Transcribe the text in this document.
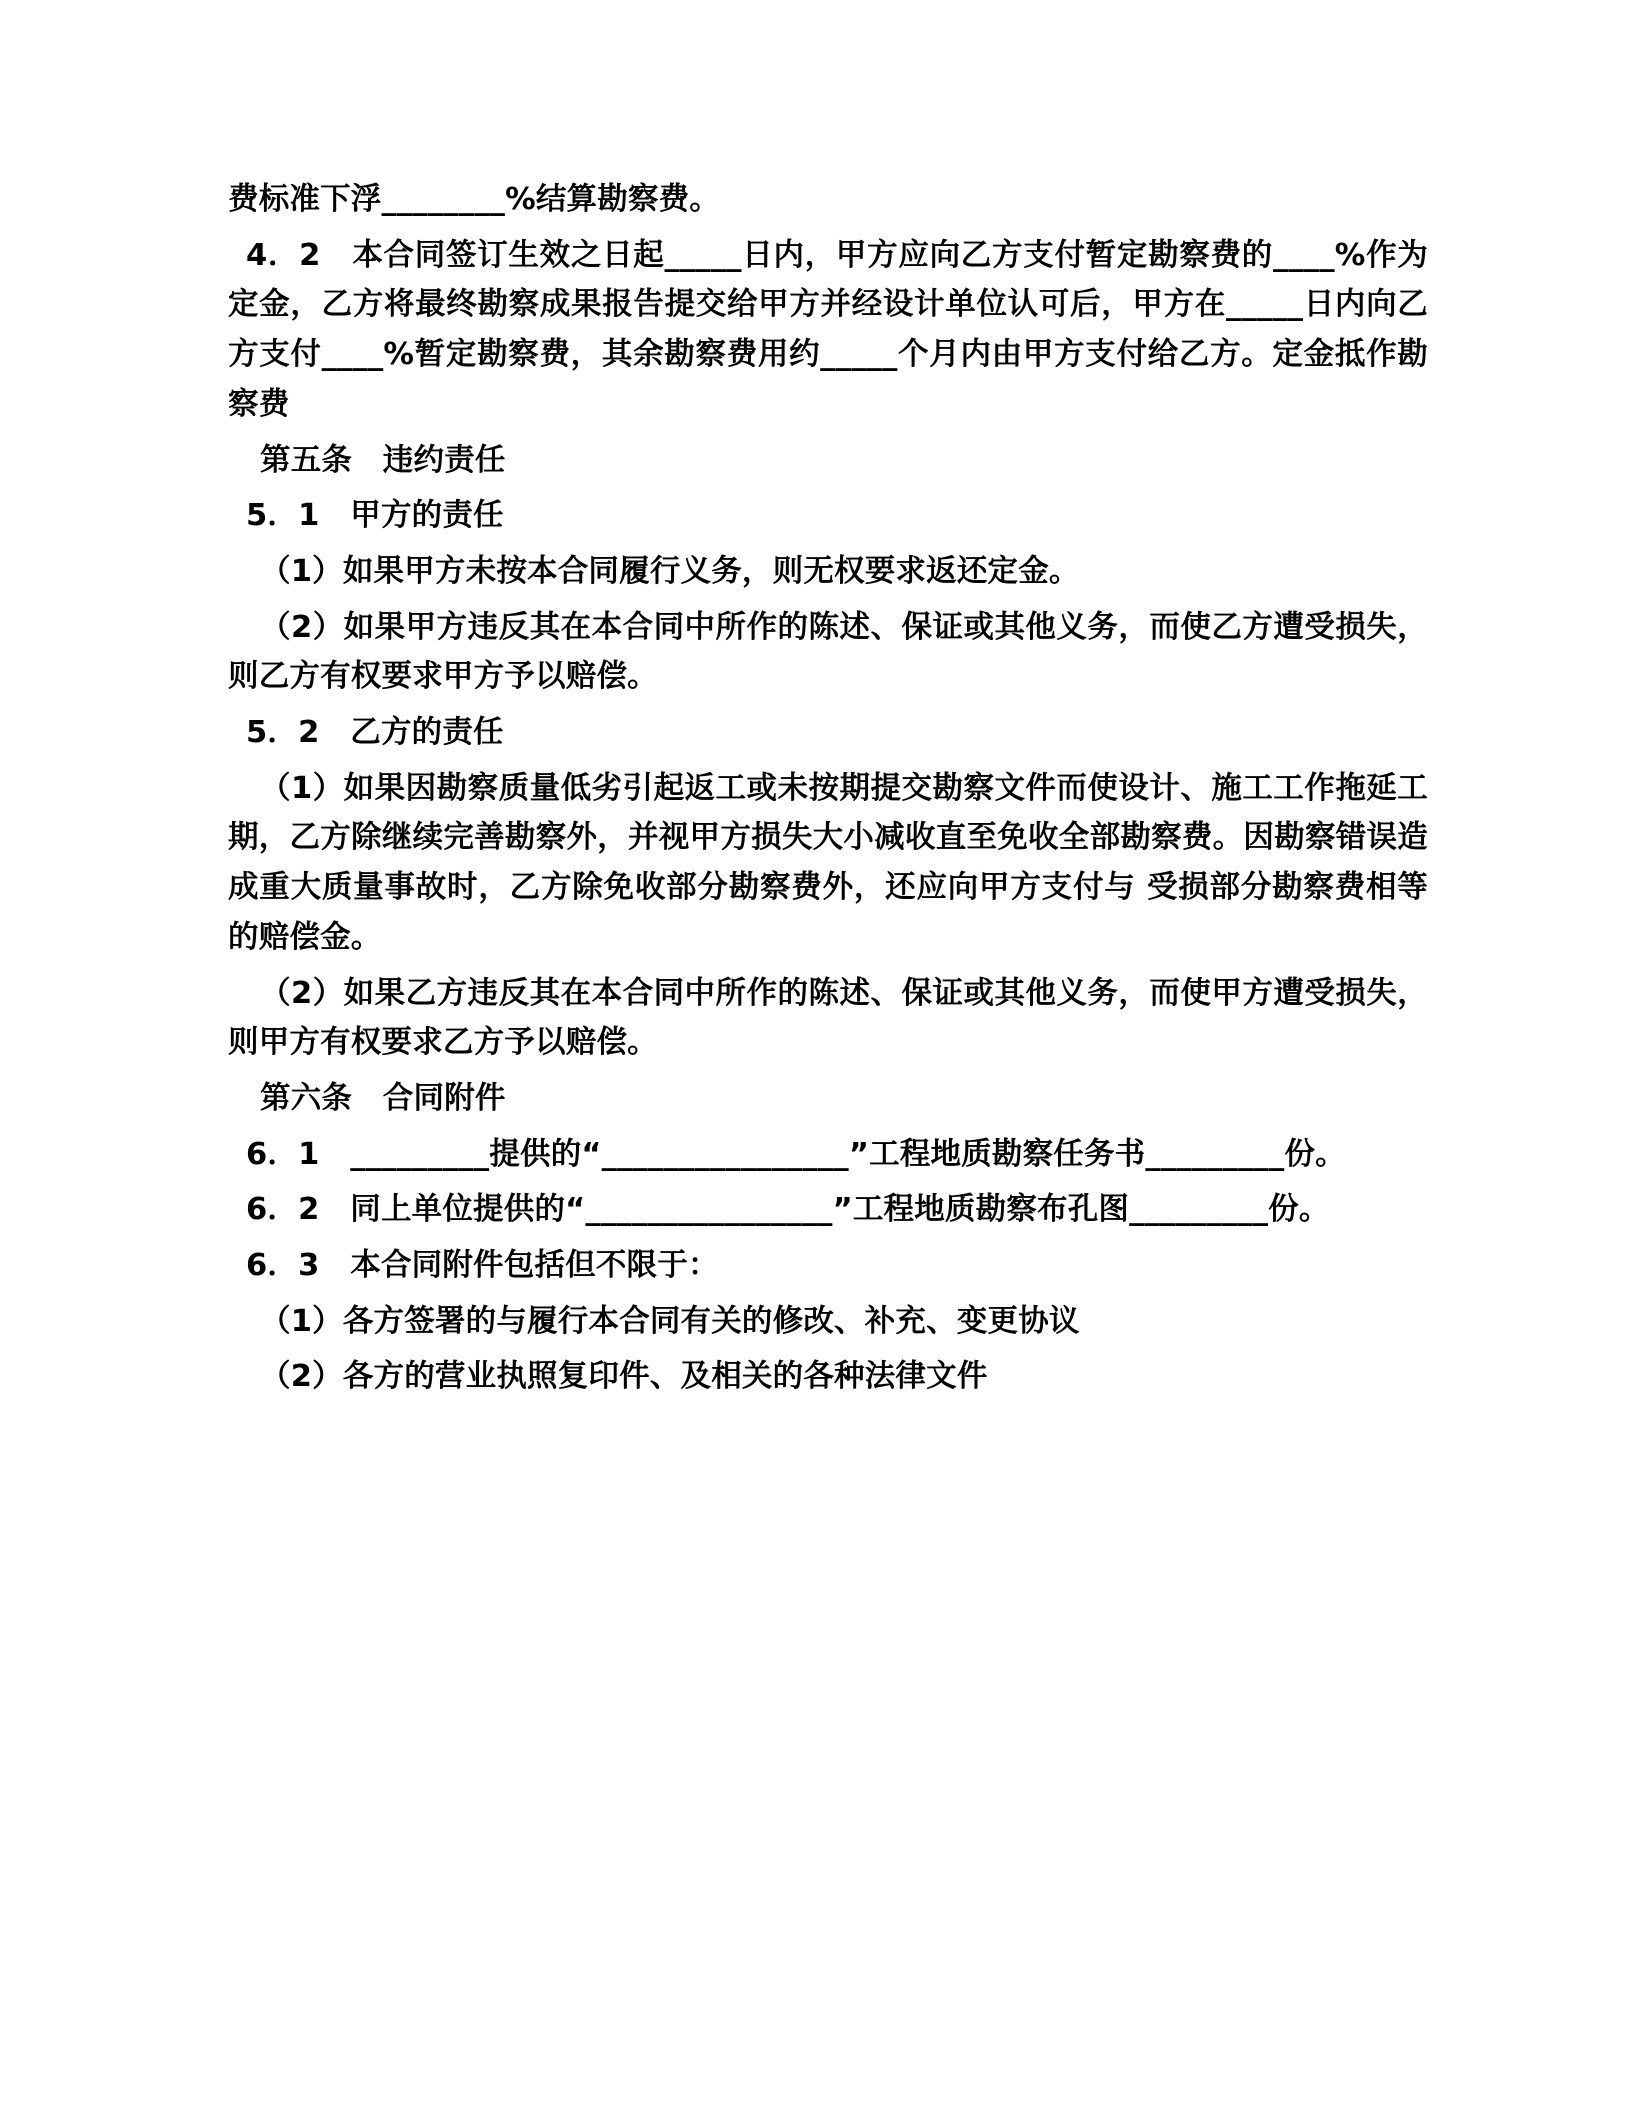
费标准下浮________%结算勘察费。

4．2　本合同签订生效之日起_____日内，甲方应向乙方支付暂定勘察费的____%作为定金，乙方将最终勘察成果报告提交给甲方并经设计单位认可后，甲方在_____日内向乙方支付____%暂定勘察费，其余勘察费用约_____个月内由甲方支付给乙方。定金抵作勘察费

第五条　违约责任

5．1　甲方的责任

（1）如果甲方未按本合同履行义务，则无权要求返还定金。

（2）如果甲方违反其在本合同中所作的陈述、保证或其他义务，而使乙方遭受损失，则乙方有权要求甲方予以赔偿。

5．2　乙方的责任

（1）如果因勘察质量低劣引起返工或未按期提交勘察文件而使设计、施工工作拖延工期，乙方除继续完善勘察外，并视甲方损失大小减收直至免收全部勘察费。因勘察错误造成重大质量事故时，乙方除免收部分勘察费外，还应向甲方支付与 受损部分勘察费相等的赔偿金。

（2）如果乙方违反其在本合同中所作的陈述、保证或其他义务，而使甲方遭受损失，则甲方有权要求乙方予以赔偿。

第六条　合同附件

6．1　_________提供的“________________”工程地质勘察任务书_________份。

6．2　同上单位提供的“________________”工程地质勘察布孔图_________份。

6．3　本合同附件包括但不限于：

（1）各方签署的与履行本合同有关的修改、补充、变更协议

（2）各方的营业执照复印件、及相关的各种法律文件
